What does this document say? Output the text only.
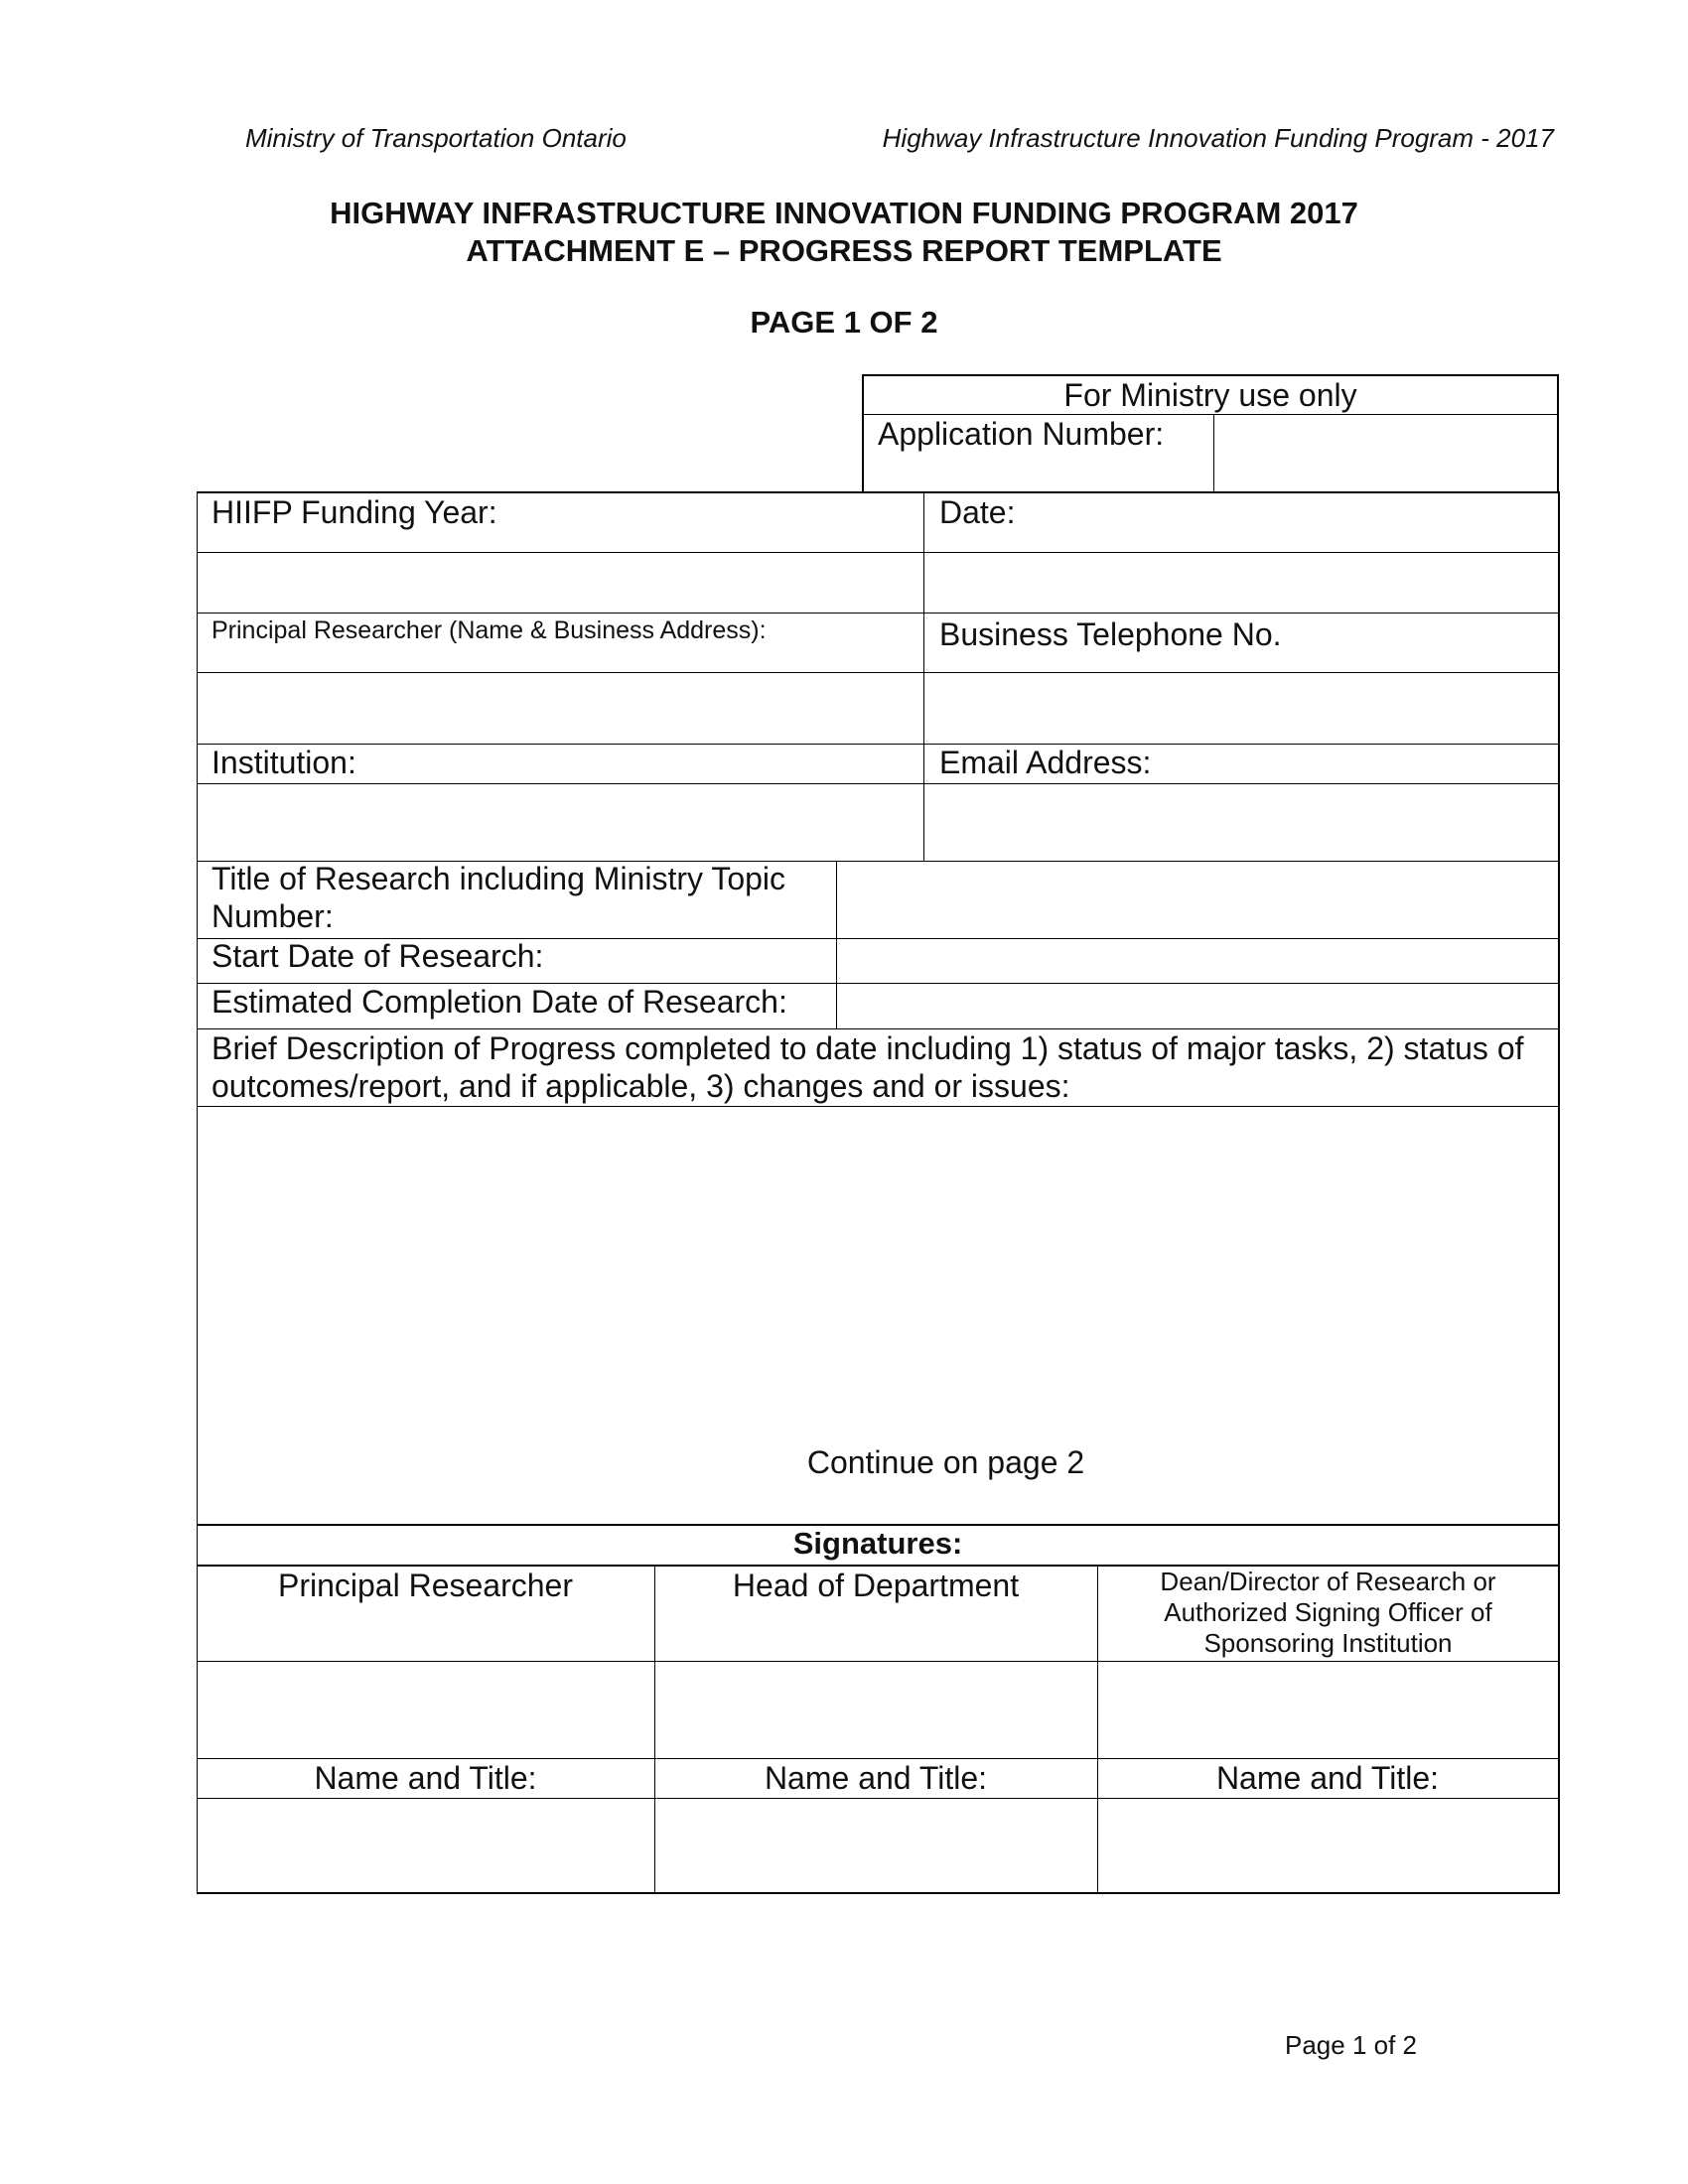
Ministry of Transportation Ontario	Highway Infrastructure Innovation Funding Program - 2017
HIGHWAY INFRASTRUCTURE INNOVATION FUNDING PROGRAM 2017
ATTACHMENT E – PROGRESS REPORT TEMPLATE
PAGE 1 OF 2
For Ministry use only
Application Number:
HIIFP Funding Year:	Date:
Principal Researcher (Name & Business Address):	Business Telephone No.
Institution:	Email Address:
Title of Research including Ministry Topic Number:
Start Date of Research:
Estimated Completion Date of Research:
Brief Description of Progress completed to date including 1) status of major tasks, 2) status of outcomes/report, and if applicable, 3) changes and or issues:
Continue on page 2
Signatures:
Principal Researcher	Head of Department	Dean/Director of Research or Authorized Signing Officer of Sponsoring Institution
Name and Title:	Name and Title:	Name and Title:
Page 1 of 2
